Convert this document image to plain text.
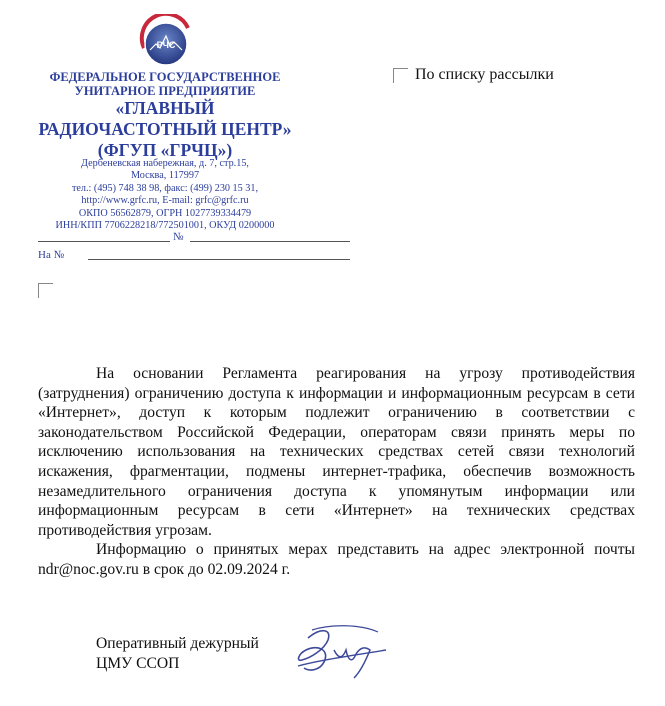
РЧС
ФЕДЕРАЛЬНОЕ ГОСУДАРСТВЕННОЕ
УНИТАРНОЕ ПРЕДПРИЯТИЕ
«ГЛАВНЫЙ
РАДИОЧАСТОТНЫЙ ЦЕНТР»
(ФГУП «ГРЧЦ»)
Дербеневская набережная, д. 7, стр.15,
Москва, 117997
тел.: (495) 748 38 98, факс: (499) 230 15 31,
http://www.grfc.ru, E-mail: grfc@grfc.ru
ОКПО 56562879, ОГРН 1027739334479
ИНН/КПП 7706228218/772501001, ОКУД 0200000
№
На №
По списку рассылки

На основании Регламента реагирования на угрозу противодействия (затруднения) ограничению доступа к информации и информационным ресурсам в сети «Интернет», доступ к которым подлежит ограничению в соответствии с законодательством Российской Федерации, операторам связи принять меры по исключению использования на технических средствах сетей связи технологий искажения, фрагментации, подмены интернет-трафика, обеспечив возможность незамедлительного ограничения доступа к упомянутым информации или информационным ресурсам в сети «Интернет» на технических средствах противодействия угрозам.

Информацию о принятых мерах представить на адрес электронной почты ndr@noc.gov.ru в срок до 02.09.2024 г.

Оперативный дежурный
ЦМУ ССОП
